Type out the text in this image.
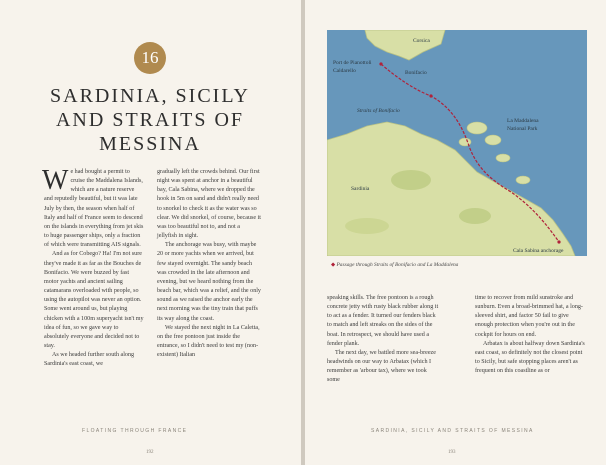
16
SARDINIA, SICILY
AND STRAITS OF
MESSINA

We had bought a permit to cruise the Maddalena Islands, which are a nature reserve and reputedly beautiful, but it was late July by then, the season when half of Italy and half of France seem to descend on the islands in everything from jet skis to huge passenger ships, only a fraction of which were transmitting AIS signals.

And as for Cobego? Ha! I'm not sure they've made it as far as the Bouches de Bonifacio. We were buzzed by fast motor yachts and ancient sailing catamarans overloaded with people, so using the autopilot was never an option. Some went around us, but playing chicken with a 100m superyacht isn't my idea of fun, so we gave way to absolutely everyone and decided not to stay.

As we headed further south along Sardinia's east coast, we

gradually left the crowds behind. Our first night was spent at anchor in a beautiful bay, Cala Sabina, where we dropped the hook in 5m on sand and didn't really need to snorkel to check it as the water was so clear. We did snorkel, of course, because it was too beautiful not to, and not a jellyfish in sight.

The anchorage was busy, with maybe 20 or more yachts when we arrived, but few stayed overnight. The sandy beach was crowded in the late afternoon and evening, but we heard nothing from the beach bar, which was a relief, and the only sound as we raised the anchor early the next morning was the tiny train that puffs its way along the coast.

We stayed the next night in La Caletta, on the free pontoon just inside the entrance, so I didn't need to test my (non-existent) Italian

FLOATING THROUGH FRANCE
192
Corsica
Port de Pianottoli
Caldarello	Bonifacio
Straits of Bonifacio
La Maddalena
National Park
Sardinia
Cala Sabina anchorage
◆ Passage through Straits of Bonifacio and La Maddalena

speaking skills. The free pontoon is a rough concrete jetty with rusty black rubber along it to act as a fender. It turned our fenders black to match and left streaks on the sides of the boat. In retrospect, we should have used a fender plank.

The next day, we battled more sea-breeze headwinds on our way to Arbatax (which I remember as 'arbour tax), where we took some

time to recover from mild sunstroke and sunburn. Even a broad-brimmed hat, a long-sleeved shirt, and factor 50 fail to give enough protection when you're out in the cockpit for hours on end.

Arbatax is about halfway down Sardinia's east coast, so definitely not the closest point to Sicily, but safe stopping places aren't as frequent on this coastline as or

SARDINIA, SICILY AND STRAITS OF MESSINA
193
